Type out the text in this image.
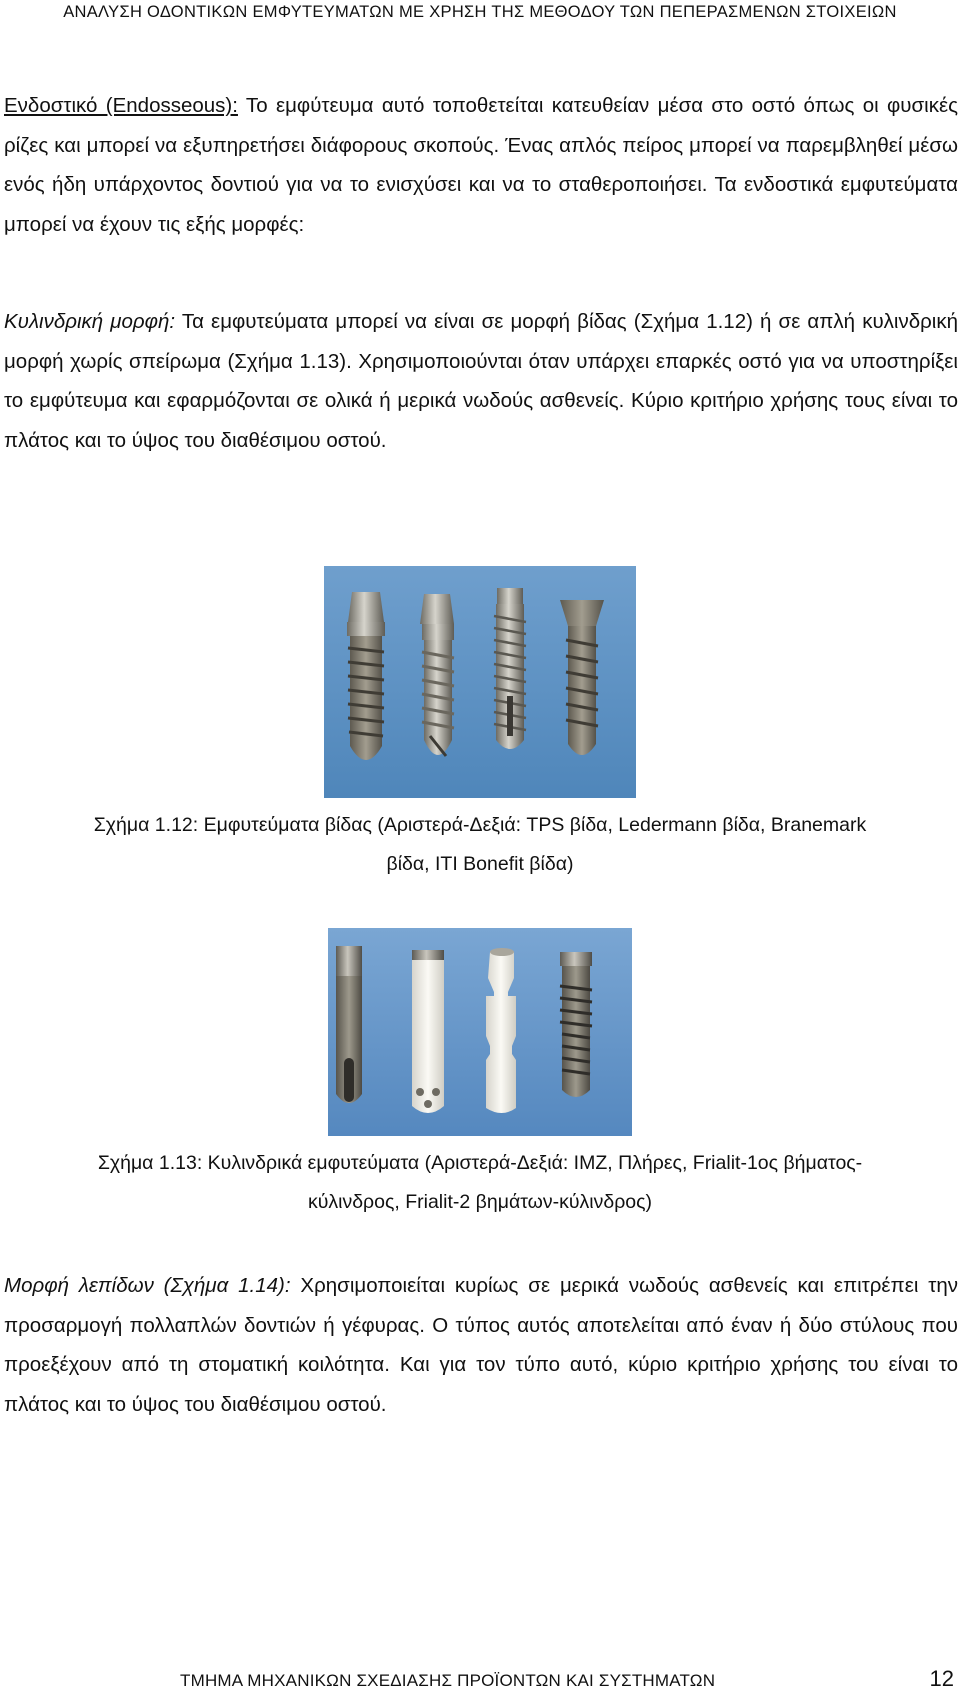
ΑΝΑΛΥΣΗ ΟΔΟΝΤΙΚΩΝ ΕΜΦΥΤΕΥΜΑΤΩΝ ΜΕ ΧΡΗΣΗ ΤΗΣ ΜΕΘΟΔΟΥ ΤΩΝ ΠΕΠΕΡΑΣΜΕΝΩΝ ΣΤΟΙΧΕΙΩΝ

Ενδοστικό (Endosseous): Το εμφύτευμα αυτό τοποθετείται κατευθείαν μέσα στο οστό όπως οι φυσικές ρίζες και μπορεί να εξυπηρετήσει διάφορους σκοπούς. Ένας απλός πείρος μπορεί να παρεμβληθεί μέσω ενός ήδη υπάρχοντος δοντιού για να το ενισχύσει και να το σταθεροποιήσει. Τα ενδοστικά εμφυτεύματα μπορεί να έχουν τις εξής μορφές:

Κυλινδρική μορφή: Τα εμφυτεύματα μπορεί να είναι σε μορφή βίδας (Σχήμα 1.12) ή σε απλή κυλινδρική μορφή χωρίς σπείρωμα (Σχήμα 1.13). Χρησιμοποιούνται όταν υπάρχει επαρκές οστό για να υποστηρίξει το εμφύτευμα και εφαρμόζονται σε ολικά ή μερικά νωδούς ασθενείς. Κύριο κριτήριο χρήσης τους είναι το πλάτος και το ύψος του διαθέσιμου οστού.

Σχήμα 1.12: Εμφυτεύματα βίδας (Αριστερά-Δεξιά: TPS βίδα, Ledermann βίδα, Branemark
βίδα, ITI Bonefit βίδα)

Σχήμα 1.13: Κυλινδρικά εμφυτεύματα (Αριστερά-Δεξιά: IMZ, Πλήρες, Frialit-1ος βήματος-
κύλινδρος, Frialit-2 βημάτων-κύλινδρος)

Μορφή λεπίδων (Σχήμα 1.14): Χρησιμοποιείται κυρίως σε μερικά νωδούς ασθενείς και επιτρέπει την προσαρμογή πολλαπλών δοντιών ή γέφυρας. Ο τύπος αυτός αποτελείται από έναν ή δύο στύλους που προεξέχουν από τη στοματική κοιλότητα. Και για τον τύπο αυτό, κύριο κριτήριο χρήσης του είναι το πλάτος και το ύψος του διαθέσιμου οστού.

ΤΜΗΜΑ ΜΗΧΑΝΙΚΩΝ ΣΧΕΔΙΑΣΗΣ ΠΡΟΪΟΝΤΩΝ ΚΑΙ ΣΥΣΤΗΜΑΤΩΝ	12
